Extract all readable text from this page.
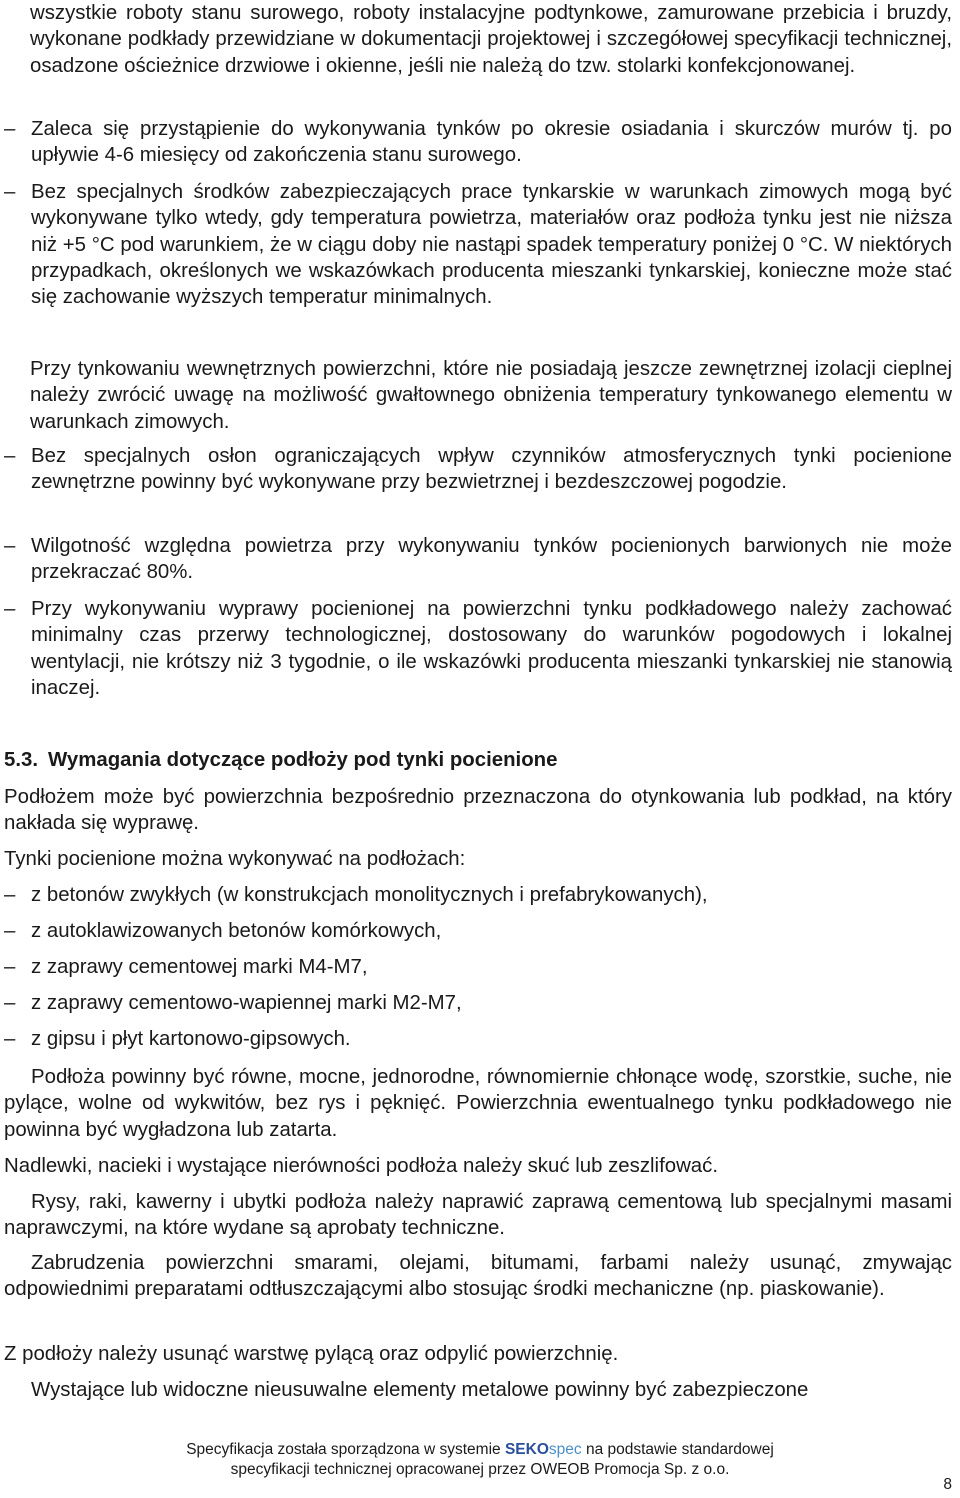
wszystkie roboty stanu surowego, roboty instalacyjne podtynkowe, zamurowane przebicia i bruzdy, wykonane podkłady przewidziane w dokumentacji projektowej i szczegółowej specyfikacji technicznej, osadzone ościeżnice drzwiowe i okienne, jeśli nie należą do tzw. stolarki konfekcjonowanej.

– Zaleca się przystąpienie do wykonywania tynków po okresie osiadania i skurczów murów tj. po upływie 4-6 miesięcy od zakończenia stanu surowego.
– Bez specjalnych środków zabezpieczających prace tynkarskie w warunkach zimowych mogą być wykonywane tylko wtedy, gdy temperatura powietrza, materiałów oraz podłoża tynku jest nie niższa niż +5 °C pod warunkiem, że w ciągu doby nie nastąpi spadek temperatury poniżej 0 °C. W niektórych przypadkach, określonych we wskazówkach producenta mieszanki tynkarskiej, konieczne może stać się zachowanie wyższych temperatur minimalnych.

Przy tynkowaniu wewnętrznych powierzchni, które nie posiadają jeszcze zewnętrznej izolacji cieplnej należy zwrócić uwagę na możliwość gwałtownego obniżenia temperatury tynkowanego elementu w warunkach zimowych.

– Bez specjalnych osłon ograniczających wpływ czynników atmosferycznych tynki pocienione zewnętrzne powinny być wykonywane przy bezwietrznej i bezdeszczowej pogodzie.
– Wilgotność względna powietrza przy wykonywaniu tynków pocienionych barwionych nie może przekraczać 80%.
– Przy wykonywaniu wyprawy pocienionej na powierzchni tynku podkładowego należy zachować minimalny czas przerwy technologicznej, dostosowany do warunków pogodowych i lokalnej wentylacji, nie krótszy niż 3 tygodnie, o ile wskazówki producenta mieszanki tynkarskiej nie stanowią inaczej.
5.3. Wymagania dotyczące podłoży pod tynki pocienione

Podłożem może być powierzchnia bezpośrednio przeznaczona do otynkowania lub podkład, na który nakłada się wyprawę.

Tynki pocienione można wykonywać na podłożach:

– z betonów zwykłych (w konstrukcjach monolitycznych i prefabrykowanych),
– z autoklawizowanych betonów komórkowych,
– z zaprawy cementowej marki M4-M7,
– z zaprawy cementowo-wapiennej marki M2-M7,
– z gipsu i płyt kartonowo-gipsowych.

Podłoża powinny być równe, mocne, jednorodne, równomiernie chłonące wodę, szorstkie, suche, nie pylące, wolne od wykwitów, bez rys i pęknięć. Powierzchnia ewentualnego tynku podkładowego nie powinna być wygładzona lub zatarta.

Nadlewki, nacieki i wystające nierówności podłoża należy skuć lub zeszlifować.

Rysy, raki, kawerny i ubytki podłoża należy naprawić zaprawą cementową lub specjalnymi masami naprawczymi, na które wydane są aprobaty techniczne.

Zabrudzenia powierzchni smarami, olejami, bitumami, farbami należy usunąć, zmywając odpowiednimi preparatami odtłuszczającymi albo stosując środki mechaniczne (np. piaskowanie).

Z podłoży należy usunąć warstwę pylącą oraz odpylić powierzchnię.

Wystające lub widoczne nieusuwalne elementy metalowe powinny być zabezpieczone

Specyfikacja została sporządzona w systemie SEKOspec na podstawie standardowej
specyfikacji technicznej opracowanej przez OWEOB Promocja Sp. z o.o.
8
